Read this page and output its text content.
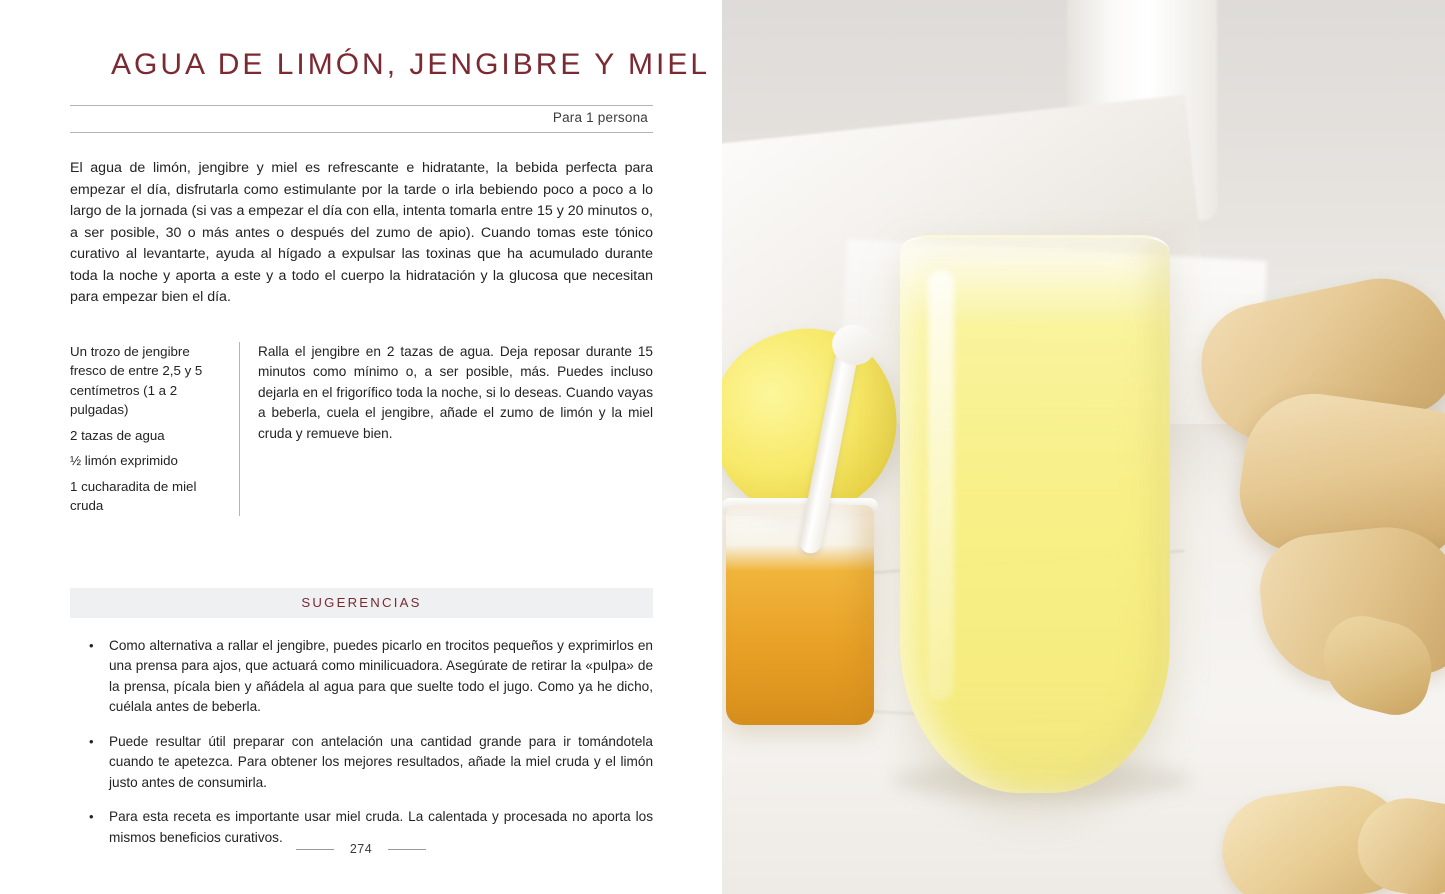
AGUA DE LIMÓN, JENGIBRE Y MIEL
Para 1 persona

El agua de limón, jengibre y miel es refrescante e hidratante, la bebida perfecta para empezar el día, disfrutarla como estimulante por la tarde o irla bebiendo poco a poco a lo largo de la jornada (si vas a empezar el día con ella, intenta tomarla entre 15 y 20 minutos o, a ser posible, 30 o más antes o después del zumo de apio). Cuando tomas este tónico curativo al levantarte, ayuda al hígado a expulsar las toxinas que ha acumulado durante toda la noche y aporta a este y a todo el cuerpo la hidratación y la glucosa que necesitan para empezar bien el día.

Un trozo de jengibre fresco de entre 2,5 y 5 centímetros (1 a 2 pulgadas)
2 tazas de agua
½ limón exprimido
1 cucharadita de miel cruda
Ralla el jengibre en 2 tazas de agua. Deja reposar durante 15 minutos como mínimo o, a ser posible, más. Puedes incluso dejarla en el frigorífico toda la noche, si lo deseas. Cuando vayas a beberla, cuela el jengibre, añade el zumo de limón y la miel cruda y remueve bien.
SUGERENCIAS
• Como alternativa a rallar el jengibre, puedes picarlo en trocitos pequeños y exprimirlos en una prensa para ajos, que actuará como minilicuadora. Asegúrate de retirar la «pulpa» de la prensa, pícala bien y añádela al agua para que suelte todo el jugo. Como ya he dicho, cuélala antes de beberla.
• Puede resultar útil preparar con antelación una cantidad grande para ir tomándotela cuando te apetezca. Para obtener los mejores resultados, añade la miel cruda y el limón justo antes de consumirla.
• Para esta receta es importante usar miel cruda. La calentada y procesada no aporta los mismos beneficios curativos.
274
